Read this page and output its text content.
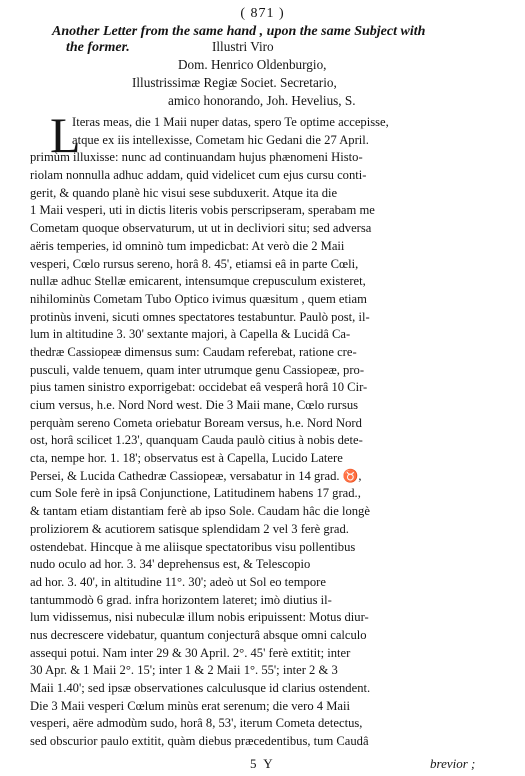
( 871 )
Another Letter from the same hand , upon the same Subject with
the former.	Illustri Viro
Dom. Henrico Oldenburgio,
Illustrissimæ Regiæ Societ. Secretario,
amico honorando, Joh. Hevelius, S.
L
Iteras meas, die 1 Maii nuper datas, spero Te optime accepisse,
atque ex iis intellexisse, Cometam hic Gedani die 27 April.
primùm illuxisse: nunc ad continuandam hujus phænomeni Histo-
riolam nonnulla adhuc addam, quid videlicet cum ejus cursu conti-
gerit, & quando planè hic visui sese subduxerit. Atque ita die
1 Maii vesperi, uti in dictis literis vobis perscripseram, sperabam me
Cometam quoque observaturum, ut ut in decliviori situ; sed adversa
aëris temperies, id omninò tum impedicbat: At verò die 2 Maii
vesperi, Cœlo rursus sereno, horâ 8. 45', etiamsi eâ in parte Cœli,
nullæ adhuc Stellæ emicarent, intensumque crepusculum existeret,
nihilominùs Cometam Tubo Optico ivimus quæsitum , quem etiam
protinùs inveni, sicuti omnes spectatores testabuntur. Paulò post, il-
lum in altitudine 3. 30' sextante majori, à Capella & Lucidâ Ca-
thedræ Cassiopeæ dimensus sum: Caudam referebat, ratione cre-
pusculi, valde tenuem, quam inter utrumque genu Cassiopeæ, pro-
pius tamen sinistro exporrigebat: occidebat eâ vesperâ horâ 10 Cir-
cium versus, h.e. Nord Nord west. Die 3 Maii mane, Cœlo rursus
perquàm sereno Cometa oriebatur Boream versus, h.e. Nord Nord
ost, horâ scilicet 1.23', quanquam Cauda paulò citius à nobis dete-
cta, nempe hor. 1. 18'; observatus est à Capella, Lucido Latere
Persei, & Lucida Cathedræ Cassiopeæ, versabatur in 14 grad. ♉,
cum Sole ferè in ipsâ Conjunctione, Latitudinem habens 17 grad.,
& tantam etiam distantiam ferè ab ipso Sole. Caudam hâc die longè
proliziorem & acutiorem satisque splendidam 2 vel 3 ferè grad.
ostendebat. Hincque à me aliisque spectatoribus visu pollentibus
nudo oculo ad hor. 3. 34' deprehensus est, & Telescopio
ad hor. 3. 40', in altitudine 11°. 30'; adeò ut Sol eo tempore
tantummodò 6 grad. infra horizontem lateret; imò diutius il-
lum vidissemus, nisi nubeculæ illum nobis eripuissent: Motus diur-
nus decrescere videbatur, quantum conjecturâ absque omni calculo
assequi potui. Nam inter 29 & 30 April. 2°. 45' ferè extitit; inter
30 Apr. & 1 Maii 2°. 15'; inter 1 & 2 Maii 1°. 55'; inter 2 & 3
Maii 1.40'; sed ipsæ observationes calculusque id clarius ostendent.
Die 3 Maii vesperi Cœlum minùs erat serenum; die vero 4 Maii
vesperi, aëre admodùm sudo, horâ 8, 53', iterum Cometa detectus,
sed obscurior paulo extitit, quàm diebus præcedentibus, tum Caudâ
5 Y	brevior ;
